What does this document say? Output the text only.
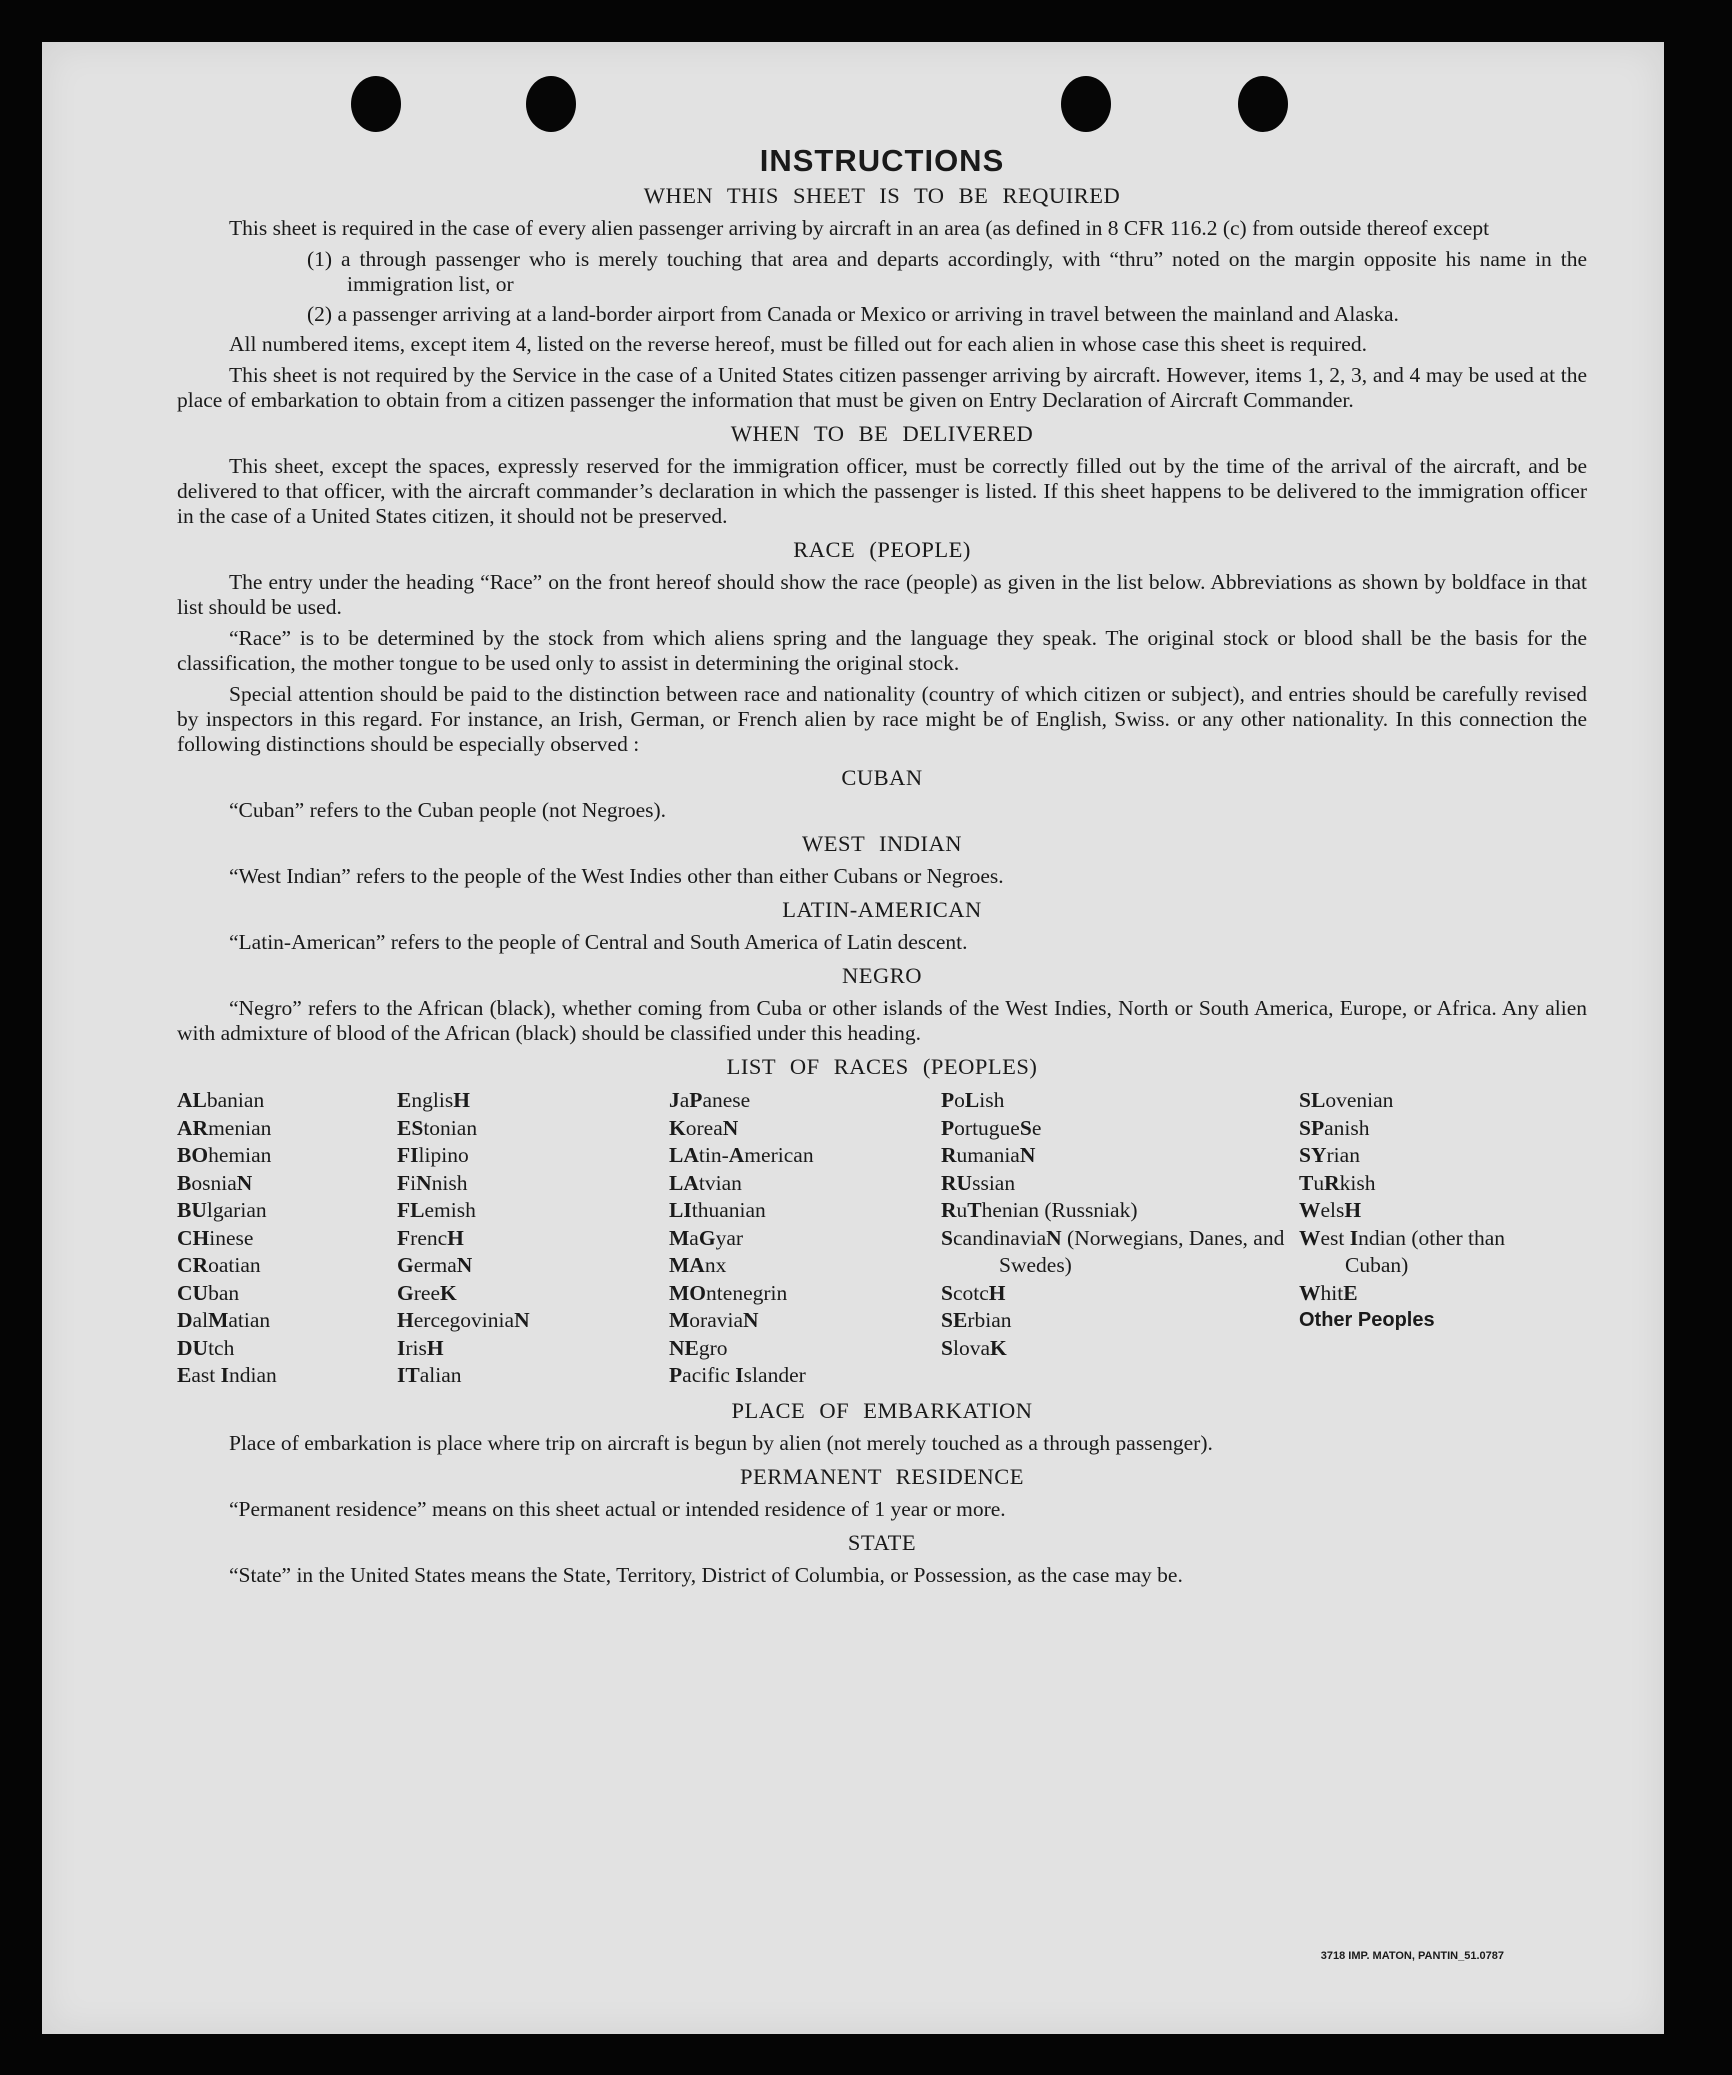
INSTRUCTIONS
WHEN THIS SHEET IS TO BE REQUIRED
This sheet is required in the case of every alien passenger arriving by aircraft in an area (as defined in 8 CFR 116.2 (c) from outside thereof except
(1) a through passenger who is merely touching that area and departs accordingly, with “thru” noted on the margin opposite his name in the immigration list, or
(2) a passenger arriving at a land-border airport from Canada or Mexico or arriving in travel between the mainland and Alaska.
All numbered items, except item 4, listed on the reverse hereof, must be filled out for each alien in whose case this sheet is required.
This sheet is not required by the Service in the case of a United States citizen passenger arriving by aircraft. However, items 1, 2, 3, and 4 may be used at the place of embarkation to obtain from a citizen passenger the information that must be given on Entry Declaration of Aircraft Commander.
WHEN TO BE DELIVERED
This sheet, except the spaces, expressly reserved for the immigration officer, must be correctly filled out by the time of the arrival of the aircraft, and be delivered to that officer, with the aircraft commander’s declaration in which the passenger is listed. If this sheet happens to be delivered to the immigration officer in the case of a United States citizen, it should not be preserved.
RACE (PEOPLE)
The entry under the heading “Race” on the front hereof should show the race (people) as given in the list below. Abbreviations as shown by boldface in that list should be used.
“Race” is to be determined by the stock from which aliens spring and the language they speak. The original stock or blood shall be the basis for the classification, the mother tongue to be used only to assist in determining the original stock.
Special attention should be paid to the distinction between race and nationality (country of which citizen or subject), and entries should be carefully revised by inspectors in this regard. For instance, an Irish, German, or French alien by race might be of English, Swiss. or any other nationality. In this connection the following distinctions should be especially observed :
CUBAN
“Cuban” refers to the Cuban people (not Negroes).
WEST INDIAN
“West Indian” refers to the people of the West Indies other than either Cubans or Negroes.
LATIN-AMERICAN
“Latin-American” refers to the people of Central and South America of Latin descent.
NEGRO
“Negro” refers to the African (black), whether coming from Cuba or other islands of the West Indies, North or South America, Europe, or Africa. Any alien with admixture of blood of the African (black) should be classified under this heading.
LIST OF RACES (PEOPLES)
ALbanian
ARmenian
BOhemian
BosniaN
BUlgarian
CHinese
CRoatian
CUban
DalMatian
DUtch
East Indian
EnglisH
EStonian
FIlipino
FiNnish
FLemish
FrencH
GermaN
GreeK
HercegoviniaN
IrisH
ITalian
JaPanese
KoreaN
LAtin-American
LAtvian
LIthuanian
MaGyar
MAnx
MOntenegrin
MoraviaN
NEgro
Pacific Islander
PoLish
PortugueSe
RumaniaN
RUssian
RuThenian (Russniak)
ScandinaviaN (Norwegians, Danes, and Swedes)
ScotcH
SErbian
SlovaK
SLovenian
SPanish
SYrian
TuRkish
WelsH
West Indian (other than Cuban)
WhitE
Other Peoples
PLACE OF EMBARKATION
Place of embarkation is place where trip on aircraft is begun by alien (not merely touched as a through passenger).
PERMANENT RESIDENCE
“Permanent residence” means on this sheet actual or intended residence of 1 year or more.
STATE
“State” in the United States means the State, Territory, District of Columbia, or Possession, as the case may be.
3718 IMP. MATON, PANTIN_51.0787
